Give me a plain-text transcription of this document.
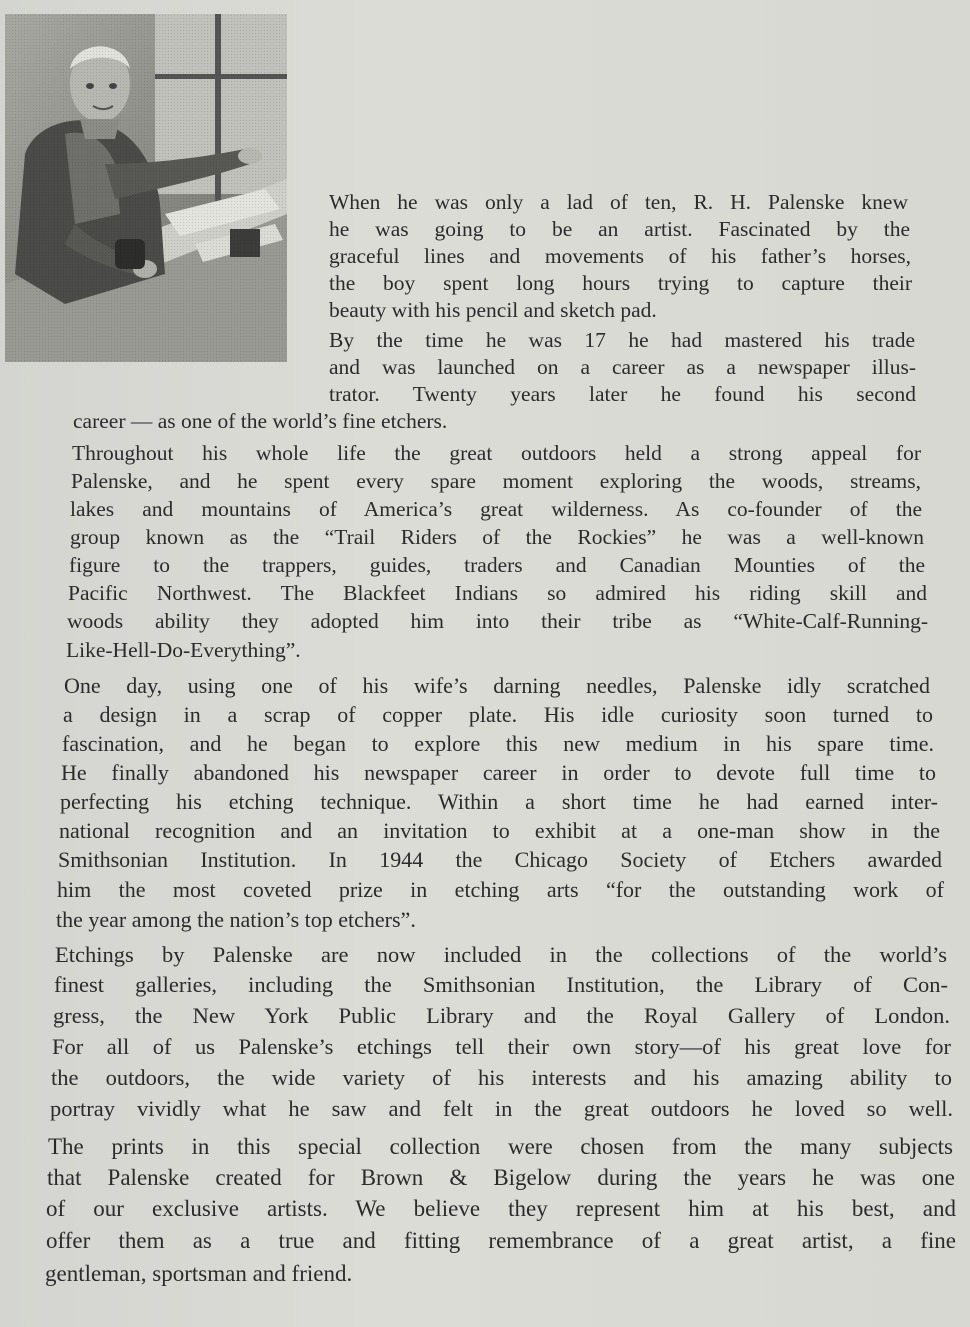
When he was only a lad of ten, R. H. Palenske knew
he was going to be an artist. Fascinated by the
graceful lines and movements of his father’s horses,
the boy spent long hours trying to capture their
beauty with his pencil and sketch pad.
By the time he was 17 he had mastered his trade
and was launched on a career as a newspaper illus-
trator. Twenty years later he found his second
career — as one of the world’s fine etchers.
Throughout his whole life the great outdoors held a strong appeal for
Palenske, and he spent every spare moment exploring the woods, streams,
lakes and mountains of America’s great wilderness. As co-founder of the
group known as the “Trail Riders of the Rockies” he was a well-known
figure to the trappers, guides, traders and Canadian Mounties of the
Pacific Northwest. The Blackfeet Indians so admired his riding skill and
woods ability they adopted him into their tribe as “White-Calf-Running-
Like-Hell-Do-Everything”.
One day, using one of his wife’s darning needles, Palenske idly scratched
a design in a scrap of copper plate. His idle curiosity soon turned to
fascination, and he began to explore this new medium in his spare time.
He finally abandoned his newspaper career in order to devote full time to
perfecting his etching technique. Within a short time he had earned inter-
national recognition and an invitation to exhibit at a one-man show in the
Smithsonian Institution. In 1944 the Chicago Society of Etchers awarded
him the most coveted prize in etching arts “for the outstanding work of
the year among the nation’s top etchers”.
Etchings by Palenske are now included in the collections of the world’s
finest galleries, including the Smithsonian Institution, the Library of Con-
gress, the New York Public Library and the Royal Gallery of London.
For all of us Palenske’s etchings tell their own story—of his great love for
the outdoors, the wide variety of his interests and his amazing ability to
portray vividly what he saw and felt in the great outdoors he loved so well.
The prints in this special collection were chosen from the many subjects
that Palenske created for Brown & Bigelow during the years he was one
of our exclusive artists. We believe they represent him at his best, and
offer them as a true and fitting remembrance of a great artist, a fine
gentleman, sportsman and friend.
